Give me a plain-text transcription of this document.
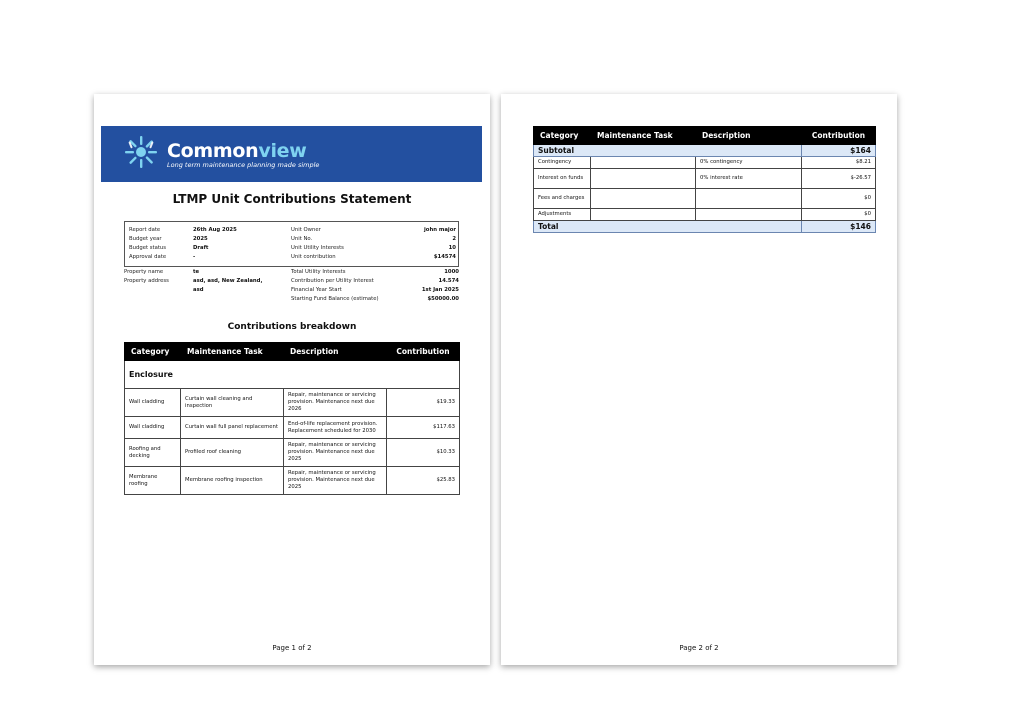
Commonview
Long term maintenance planning made simple
LTMP Unit Contributions Statement
Report date	26th Aug 2025
Budget year	2025
Budget status	Draft
Approval date	-
Unit Owner	john major
Unit No.	2
Unit Utility Interests	10
Unit contribution	$14574
Property name	te
Property address	asd, asd, New Zealand, asd
Total Utility Interests	1000
Contribution per Utility Interest	14.574
Financial Year Start	1st Jan 2025
Starting Fund Balance (estimate)	$50000.00
Contributions breakdown
Category	Maintenance Task	Description	Contribution
Enclosure			
Wall cladding	Curtain wall cleaning and inspection	Repair, maintenance or servicing provision. Maintenance next due 2026	$19.33
Wall cladding	Curtain wall full panel replacement	End-of-life replacement provision. Replacement scheduled for 2030	$117.63
Roofing and decking	Profiled roof cleaning	Repair, maintenance or servicing provision. Maintenance next due 2025	$10.33
Membrane roofing	Membrane roofing inspection	Repair, maintenance or servicing provision. Maintenance next due 2025	$25.83
Page 1 of 2
Category	Maintenance Task	Description	Contribution
Subtotal			$164
Contingency		0% contingency	$8.21
Interest on funds		0% interest rate	$-26.57
Fees and charges			$0
Adjustments			$0
Total			$146
Page 2 of 2
